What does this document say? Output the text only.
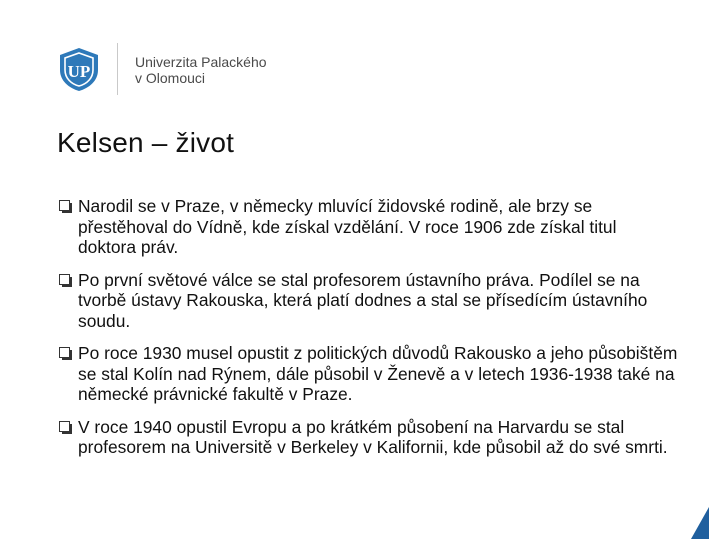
UP	Univerzita Palackého
v Olomouci
Kelsen – život
Narodil se v Praze, v německy mluvící židovské rodině, ale brzy se přestěhoval do Vídně, kde získal vzdělání. V roce 1906 zde získal titul doktora práv.
Po první světové válce se stal profesorem ústavního práva. Podílel se na tvorbě ústavy Rakouska, která platí dodnes a stal se přísedícím ústavního soudu.
Po roce 1930 musel opustit z politických důvodů Rakousko a jeho působištěm se stal Kolín nad Rýnem, dále působil v Ženevě a v letech 1936-1938 také na německé právnické fakultě v Praze.
V roce 1940 opustil Evropu a po krátkém působení na Harvardu se stal profesorem na Universitě v Berkeley v Kalifornii, kde působil až do své smrti.
